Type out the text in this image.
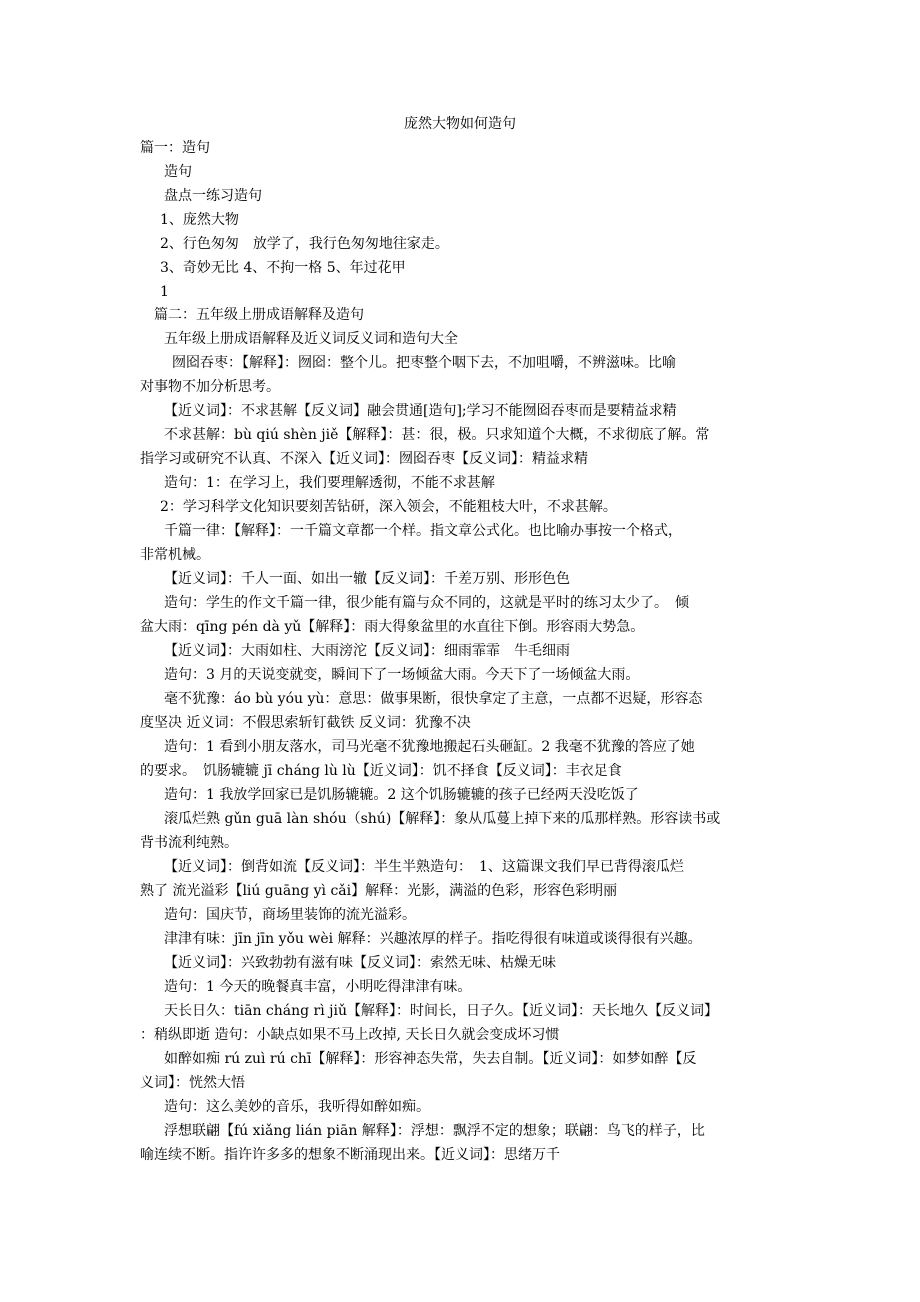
庞然大物如何造句
篇一：造句
造句
盘点一练习造句
1、庞然大物
2、行色匆匆　放学了，我行色匆匆地往家走。
3、奇妙无比 4、不拘一格 5、年过花甲
1
篇二：五年级上册成语解释及造句
五年级上册成语解释及近义词反义词和造句大全
囫囵吞枣：【解释】：囫囵：整个儿。把枣整个咽下去，不加咀嚼，不辨滋味。比喻
对事物不加分析思考。
【近义词】：不求甚解【反义词】融会贯通[造句];学习不能囫囵吞枣而是要精益求精
不求甚解：bù qiú shèn jiě【解释】：甚：很，极。只求知道个大概，不求彻底了解。常
指学习或研究不认真、不深入【近义词】：囫囵吞枣【反义词】：精益求精
造句：1：在学习上，我们要理解透彻，不能不求甚解
2：学习科学文化知识要刻苦钻研，深入领会，不能粗枝大叶，不求甚解。
千篇一律：【解释】：一千篇文章都一个样。指文章公式化。也比喻办事按一个格式，
非常机械。
【近义词】：千人一面、如出一辙【反义词】：千差万别、形形色色
造句：学生的作文千篇一律，很少能有篇与众不同的，这就是平时的练习太少了。　倾
盆大雨：qīng pén dà yǔ【解释】：雨大得象盆里的水直往下倒。形容雨大势急。
【近义词】：大雨如柱、大雨滂沱【反义词】：细雨霏霏　牛毛细雨
造句：3 月的天说变就变，瞬间下了一场倾盆大雨。今天下了一场倾盆大雨。
毫不犹豫：áo bù yóu yù：意思：做事果断，很快拿定了主意，一点都不迟疑，形容态
度坚决 近义词：不假思索斩钉截铁 反义词：犹豫不决
造句：1 看到小朋友落水，司马光毫不犹豫地搬起石头砸缸。2 我毫不犹豫的答应了她
的要求。　饥肠辘辘 jī cháng lù lù【近义词】：饥不择食【反义词】：丰衣足食
造句：1 我放学回家已是饥肠辘辘。2 这个饥肠辘辘的孩子已经两天没吃饭了
滚瓜烂熟 gǔn guā làn shóu（shú)【解释】：象从瓜蔓上掉下来的瓜那样熟。形容读书或
背书流利纯熟。
【近义词】：倒背如流【反义词】：半生半熟造句：　1、这篇课文我们早已背得滚瓜烂
熟了 流光溢彩【liú guāng yì cǎi】解释：光影，满溢的色彩，形容色彩明丽
造句：国庆节，商场里装饰的流光溢彩。
津津有味：jīn jīn yǒu wèi 解释：兴趣浓厚的样子。指吃得很有味道或谈得很有兴趣。
【近义词】：兴致勃勃有滋有味【反义词】：索然无味、枯燥无味
造句：1 今天的晚餐真丰富，小明吃得津津有味。
天长日久：tiān cháng rì jiǔ【解释】：时间长，日子久。【近义词】：天长地久【反义词】
：稍纵即逝 造句：小缺点如果不马上改掉, 天长日久就会变成坏习惯
如醉如痴 rú zuì rú chī【解释】：形容神态失常，失去自制。【近义词】：如梦如醉【反
义词】：恍然大悟
造句：这么美妙的音乐，我听得如醉如痴。
浮想联翩【fú xiǎng lián piān 解释】：浮想：飘浮不定的想象；联翩：鸟飞的样子，比
喻连续不断。指许许多多的想象不断涌现出来。【近义词】：思绪万千
